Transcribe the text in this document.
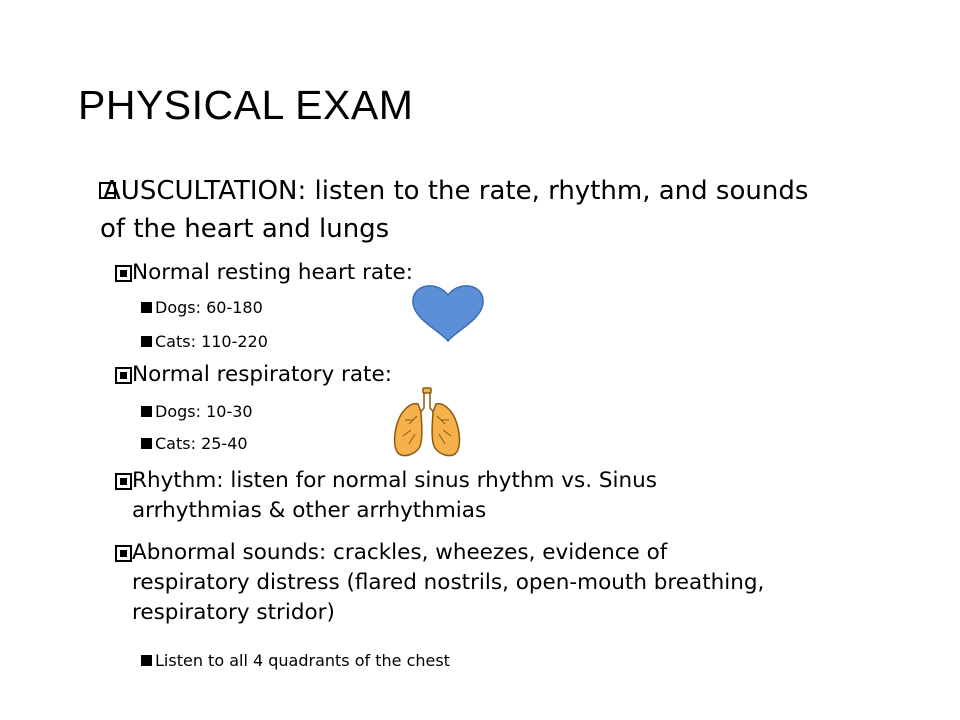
PHYSICAL EXAM
AUSCULTATION: listen to the rate, rhythm, and sounds
of the heart and lungs
Normal resting heart rate:
Dogs: 60-180
Cats: 110-220
Normal respiratory rate:
Dogs: 10-30
Cats: 25-40
Rhythm: listen for normal sinus rhythm vs. Sinus
arrhythmias & other arrhythmias
Abnormal sounds: crackles, wheezes, evidence of
respiratory distress (flared nostrils, open-mouth breathing,
respiratory stridor)
Listen to all 4 quadrants of the chest
